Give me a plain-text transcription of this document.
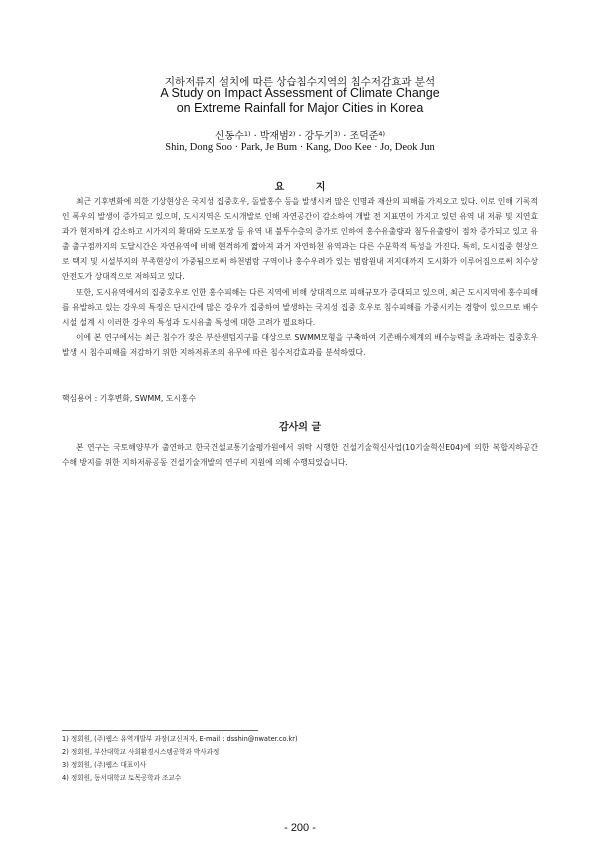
지하저류지 설치에 따른 상습침수지역의 침수저감효과 분석
A Study on Impact Assessment of Climate Change
on Extreme Rainfall for Major Cities in Korea
신동수$^{1)}$ · 박재범$^{2)}$ · 강두기$^{3)}$ · 조덕준$^{4)}$
Shin, Dong Soo · Park, Je Bum · Kang, Doo Kee · Jo, Deok Jun
요 지

최근 기후변화에 의한 기상현상은 국지성 집중호우, 돌발홍수 등을 발생시켜 많은 인명과 재산의 피해를 가져오고 있다. 이로 인해 기록적인 폭우의 발생이 증가되고 있으며, 도시지역은 도시개발로 인해 자연공간이 감소하여 개발 전 지표면이 가지고 있던 유역 내 저류 및 지연효과가 현저하게 감소하고 시가지의 확대와 도로포장 등 유역 내 불투수층의 증가로 인하여 홍수유출량과 첨두유출량이 점차 증가되고 있고 유출 출구점까지의 도달시간은 자연유역에 비해 현격하게 짧아져 과거 자연하천 유역과는 다른 수문학적 특성을 가진다. 특히, 도시집중 현상으로 택지 및 시설부지의 부족현상이 가중됨으로써 하천범람 구역이나 홍수우려가 있는 범람원내 저지대까지 도시화가 이루어짐으로써 치수상 안전도가 상대적으로 저하되고 있다.

또한, 도시유역에서의 집중호우로 인한 홍수피해는 다른 지역에 비해 상대적으로 피해규모가 증대되고 있으며, 최근 도시지역에 홍수피해를 유발하고 있는 강우의 특징은 단시간에 많은 강우가 집중하여 발생하는 국지성 집중 호우로 침수피해를 가중시키는 경향이 있으므로 배수시설 설계 시 이러한 강우의 특성과 도시유출 특성에 대한 고려가 필요하다.

이에 본 연구에서는 최근 침수가 잦은 부산센텀지구를 대상으로 SWMM모형을 구축하여 기존배수체계의 배수능력을 초과하는 집중호우 발생 시 침수피해를 저감하기 위한 지하저류조의 유무에 따른 침수저감효과를 분석하였다.

핵심용어 : 기후변화, SWMM, 도시홍수
감사의 글

본 연구는 국토해양부가 출연하고 한국건설교통기술평가원에서 위탁 시행한 건설기술혁신사업(10기술혁신E04)에 의한 복합지하공간 수해 방지를 위한 지하저류공동 건설기술개발의 연구비 지원에 의해 수행되었습니다.

1) 정회원, (주)웹스 유역개발부 과장(교신저자, E-mail : dsshin@nwater.co.kr)
2) 정회원, 부산대학교 사회환경시스템공학과 박사과정
3) 정회원, (주)웹스 대표이사
4) 정회원, 동서대학교 토목공학과 조교수
- 200 -
